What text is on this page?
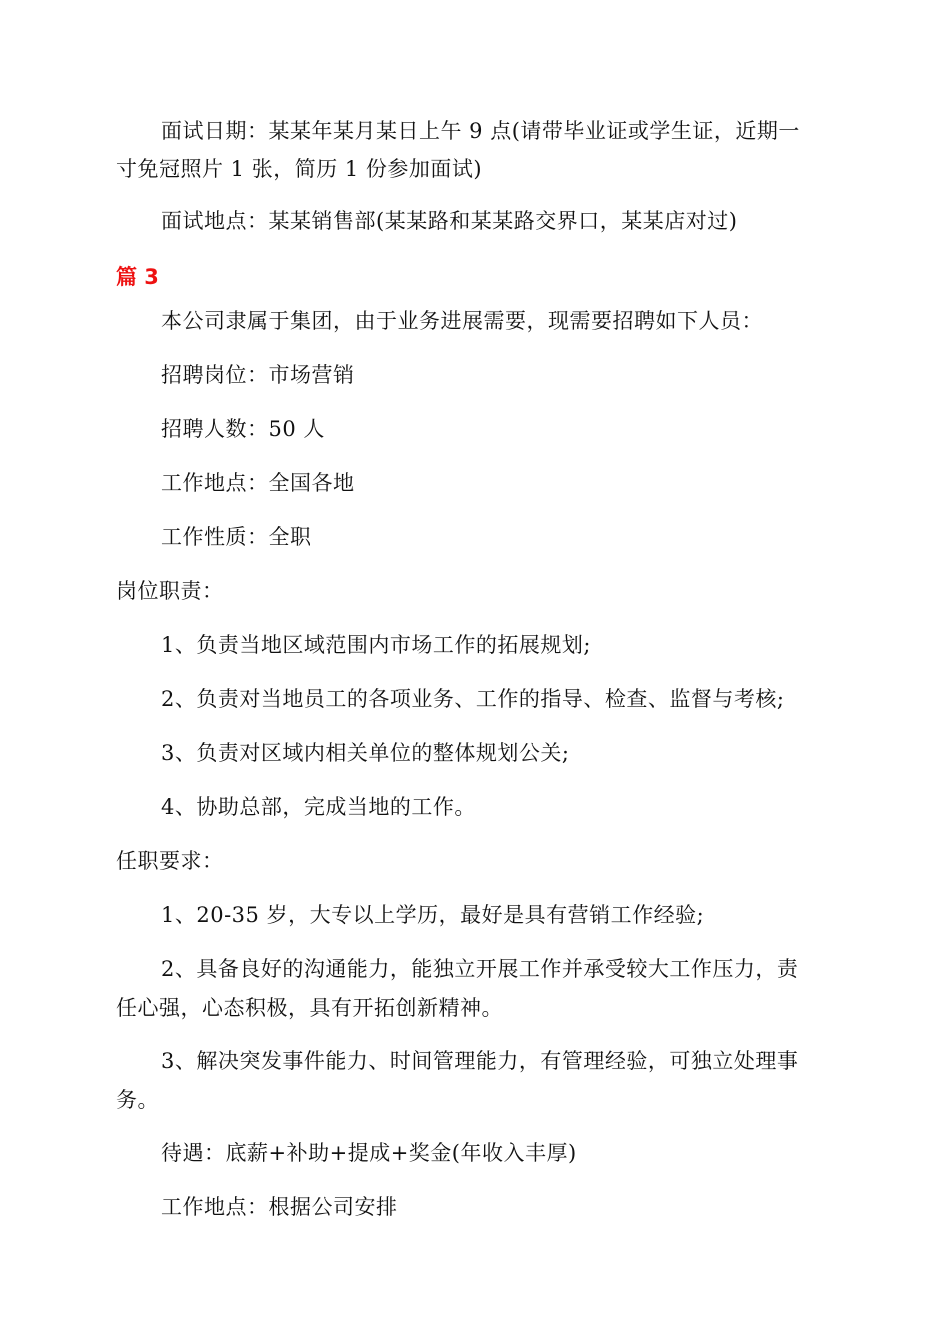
面试日期：某某年某月某日上午 9 点(请带毕业证或学生证，近期一
寸免冠照片 1 张，简历 1 份参加面试)
面试地点：某某销售部(某某路和某某路交界口，某某店对过)
篇 3
本公司隶属于集团，由于业务进展需要，现需要招聘如下人员：
招聘岗位：市场营销
招聘人数：50 人
工作地点：全国各地
工作性质：全职
岗位职责：
1、负责当地区域范围内市场工作的拓展规划;
2、负责对当地员工的各项业务、工作的指导、检查、监督与考核;
3、负责对区域内相关单位的整体规划公关;
4、协助总部，完成当地的工作。
任职要求：
1、20-35 岁，大专以上学历，最好是具有营销工作经验;
2、具备良好的沟通能力，能独立开展工作并承受较大工作压力，责
任心强，心态积极，具有开拓创新精神。
3、解决突发事件能力、时间管理能力，有管理经验，可独立处理事
务。
待遇：底薪+补助+提成+奖金(年收入丰厚)
工作地点：根据公司安排
